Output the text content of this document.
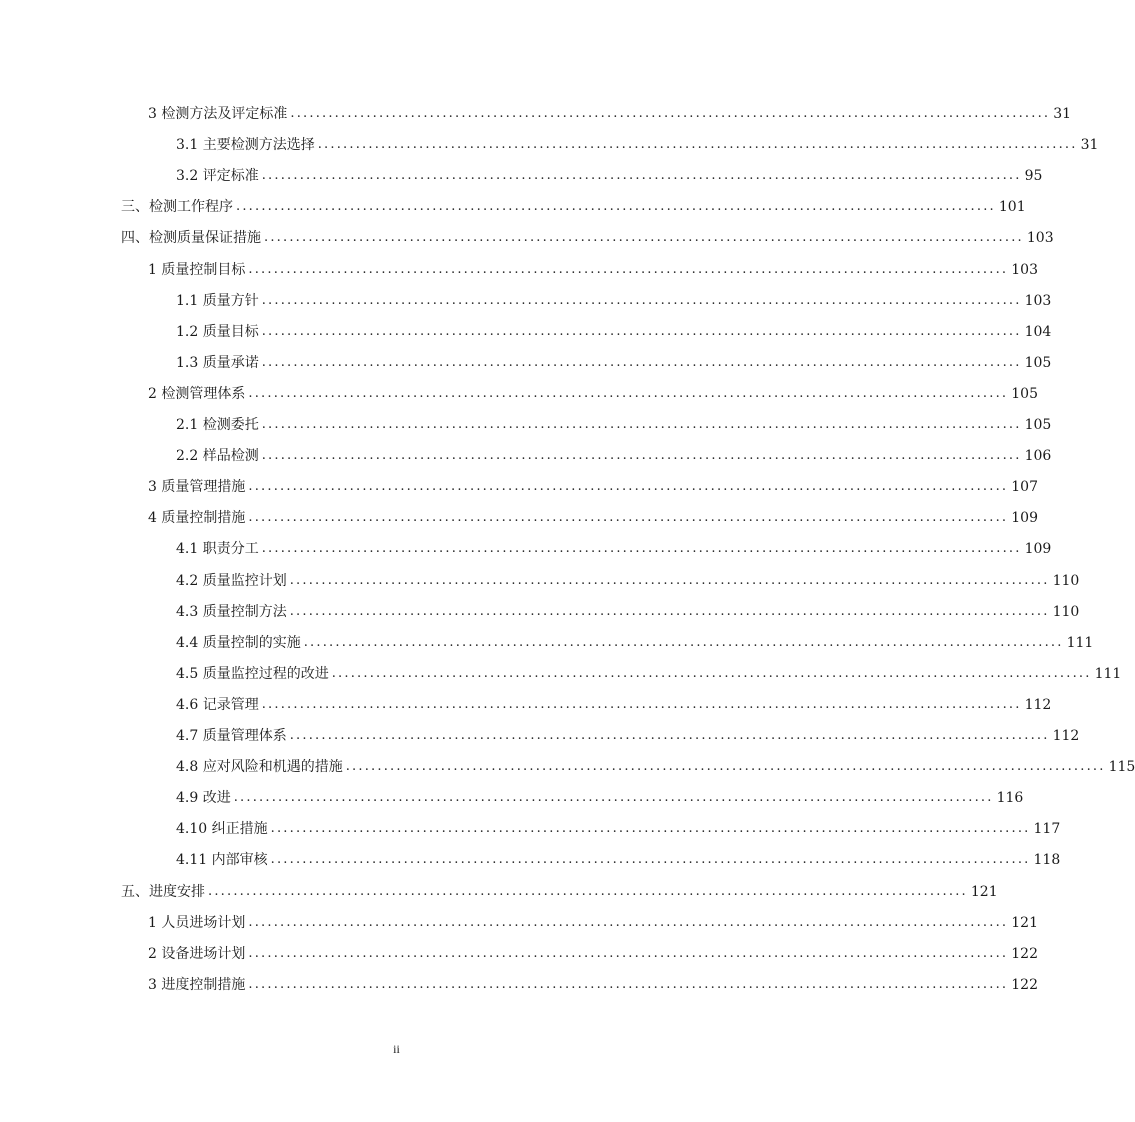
3 检测方法及评定标准 ........................................................................................................................ 31
3.1 主要检测方法选择 ........................................................................................................................ 31
3.2 评定标准 ........................................................................................................................ 95
三、检测工作程序 ........................................................................................................................ 101
四、检测质量保证措施 ........................................................................................................................ 103
1 质量控制目标 ........................................................................................................................ 103
1.1 质量方针 ........................................................................................................................ 103
1.2 质量目标 ........................................................................................................................ 104
1.3 质量承诺 ........................................................................................................................ 105
2 检测管理体系 ........................................................................................................................ 105
2.1 检测委托 ........................................................................................................................ 105
2.2 样品检测 ........................................................................................................................ 106
3 质量管理措施 ........................................................................................................................ 107
4 质量控制措施 ........................................................................................................................ 109
4.1 职责分工 ........................................................................................................................ 109
4.2 质量监控计划 ........................................................................................................................ 110
4.3 质量控制方法 ........................................................................................................................ 110
4.4 质量控制的实施 ........................................................................................................................ 111
4.5 质量监控过程的改进 ........................................................................................................................ 111
4.6 记录管理 ........................................................................................................................ 112
4.7 质量管理体系 ........................................................................................................................ 112
4.8 应对风险和机遇的措施 ........................................................................................................................ 115
4.9 改进 ........................................................................................................................ 116
4.10 纠正措施 ........................................................................................................................ 117
4.11 内部审核 ........................................................................................................................ 118
五、进度安排 ........................................................................................................................ 121
1 人员进场计划 ........................................................................................................................ 121
2 设备进场计划 ........................................................................................................................ 122
3 进度控制措施 ........................................................................................................................ 122
ii
